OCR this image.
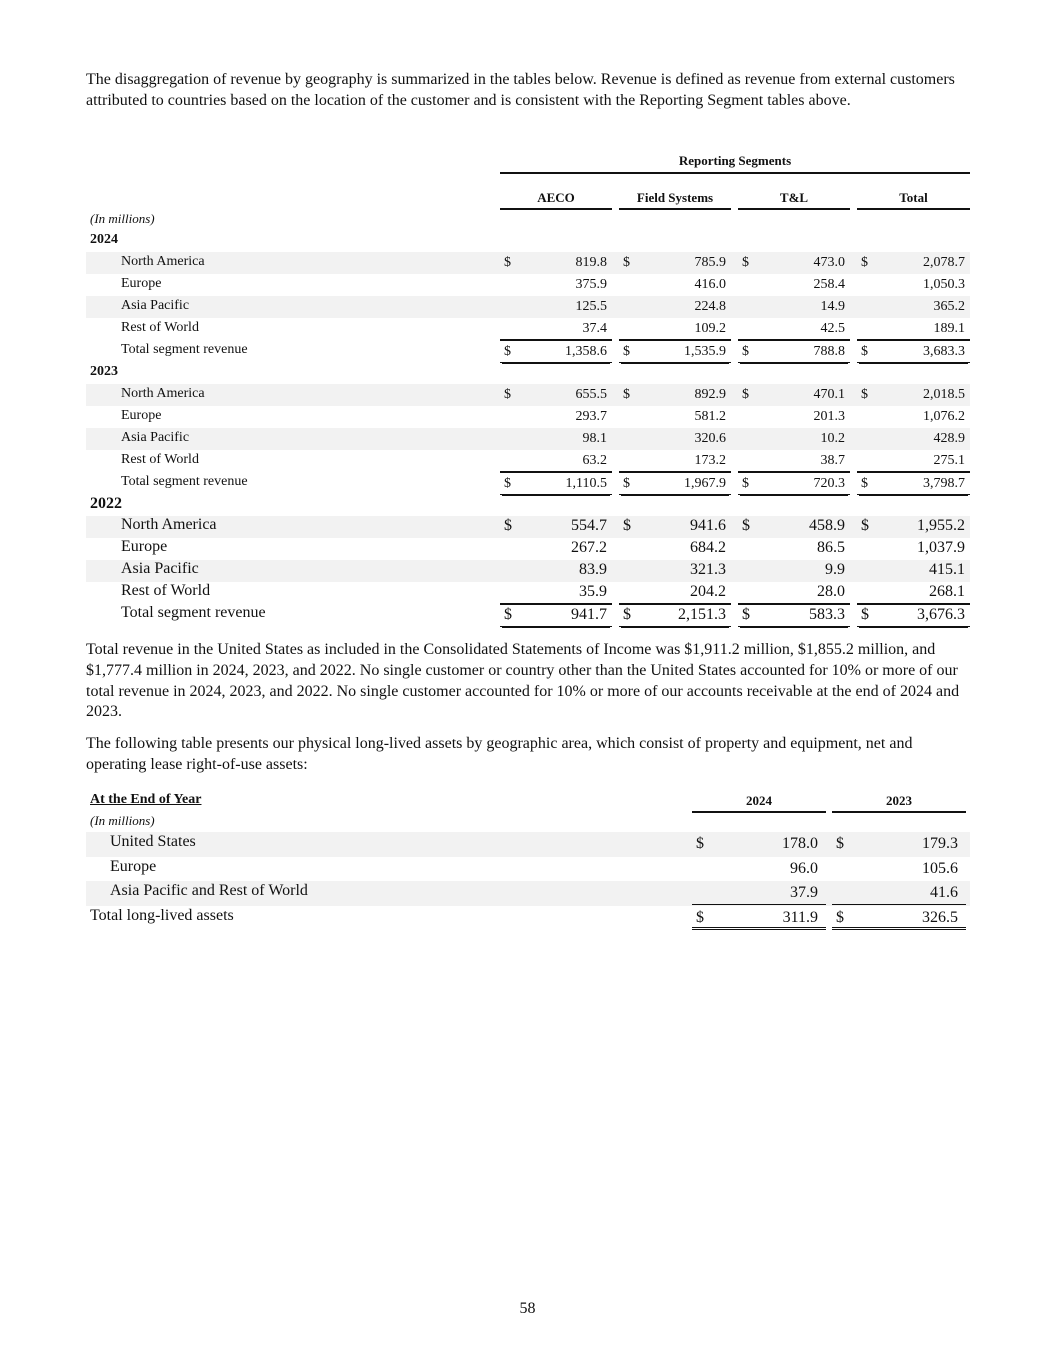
The disaggregation of revenue by geography is summarized in the tables below. Revenue is defined as revenue from external customers attributed to countries based on the location of the customer and is consistent with the Reporting Segment tables above.

Reporting Segments
AECO	Field Systems	T&L	Total
(In millions)
2024
North America	$	819.8 $	785.9 $	473.0 $	2,078.7
Europe	375.9	416.0	258.4	1,050.3
Asia Pacific	125.5	224.8	14.9	365.2
Rest of World	37.4	109.2	42.5	189.1
Total segment revenue	$	1,358.6 $	1,535.9 $	788.8 $	3,683.3
2023
North America	$	655.5 $	892.9 $	470.1 $	2,018.5
Europe	293.7	581.2	201.3	1,076.2
Asia Pacific	98.1	320.6	10.2	428.9
Rest of World	63.2	173.2	38.7	275.1
Total segment revenue	$	1,110.5 $	1,967.9 $	720.3 $	3,798.7
2022
North America	$	554.7 $	941.6 $	458.9 $	1,955.2
Europe	267.2	684.2	86.5	1,037.9
Asia Pacific	83.9	321.3	9.9	415.1
Rest of World	35.9	204.2	28.0	268.1
Total segment revenue	$	941.7 $	2,151.3 $	583.3 $	3,676.3

Total revenue in the United States as included in the Consolidated Statements of Income was $1,911.2 million, $1,855.2 million, and $1,777.4 million in 2024, 2023, and 2022. No single customer or country other than the United States accounted for 10% or more of our total revenue in 2024, 2023, and 2022. No single customer accounted for 10% or more of our accounts receivable at the end of 2024 and 2023.

The following table presents our physical long-lived assets by geographic area, which consist of property and equipment, net and operating lease right-of-use assets:

At the End of Year	2024	2023
(In millions)
United States	$	178.0 $	179.3
Europe	96.0	105.6
Asia Pacific and Rest of World	37.9	41.6
Total long-lived assets	$	311.9 $	326.5
58
